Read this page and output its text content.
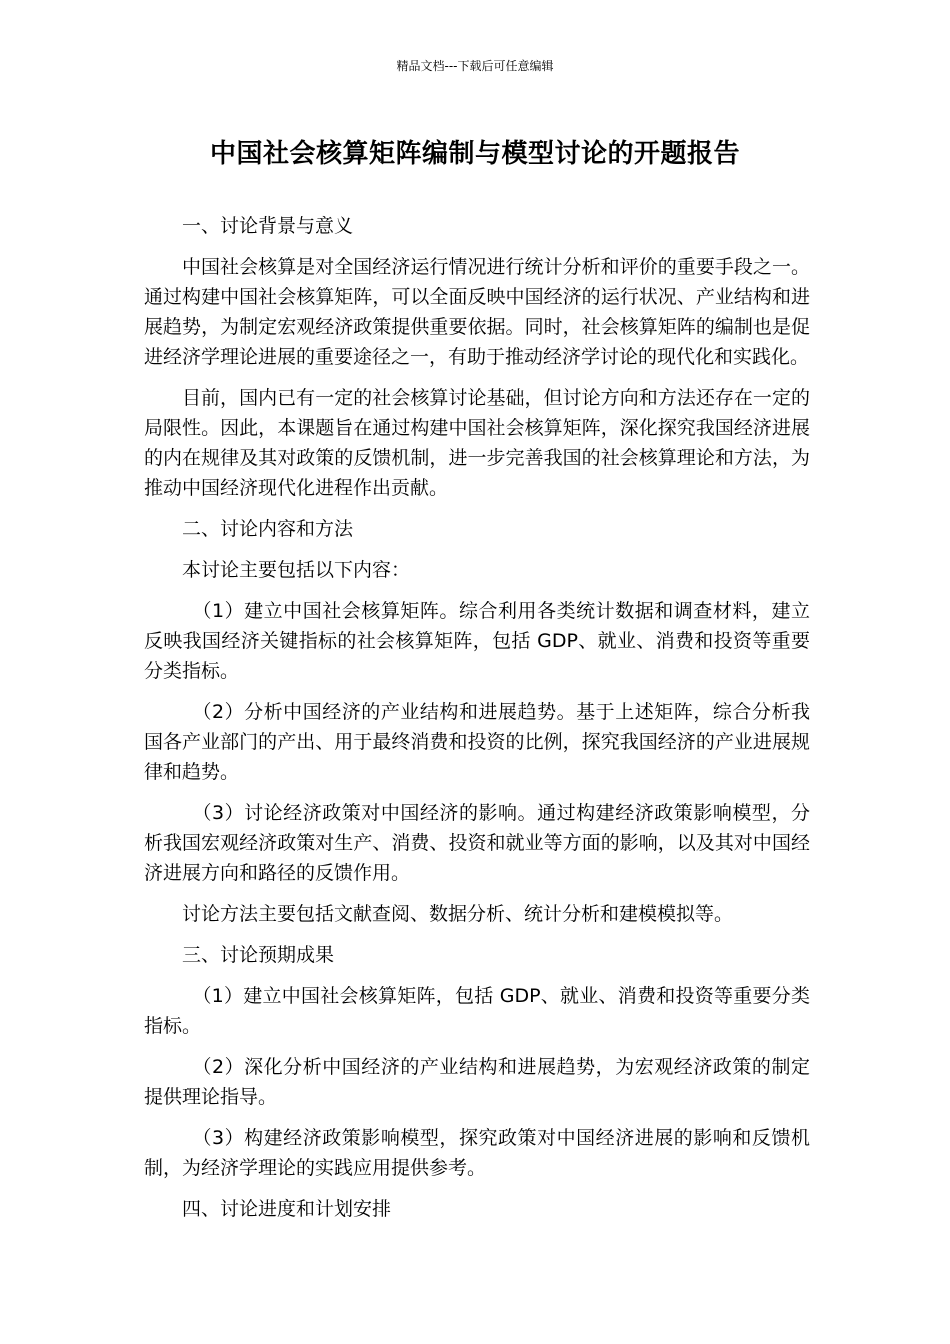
精品文档---下载后可任意编辑
中国社会核算矩阵编制与模型讨论的开题报告
一、讨论背景与意义

中国社会核算是对全国经济运行情况进行统计分析和评价的重要手段之一。通过构建中国社会核算矩阵，可以全面反映中国经济的运行状况、产业结构和进展趋势，为制定宏观经济政策提供重要依据。同时，社会核算矩阵的编制也是促进经济学理论进展的重要途径之一，有助于推动经济学讨论的现代化和实践化。

目前，国内已有一定的社会核算讨论基础，但讨论方向和方法还存在一定的局限性。因此，本课题旨在通过构建中国社会核算矩阵，深化探究我国经济进展的内在规律及其对政策的反馈机制，进一步完善我国的社会核算理论和方法，为推动中国经济现代化进程作出贡献。

二、讨论内容和方法

本讨论主要包括以下内容：

（1）建立中国社会核算矩阵。综合利用各类统计数据和调查材料，建立反映我国经济关键指标的社会核算矩阵，包括 GDP、就业、消费和投资等重要分类指标。

（2）分析中国经济的产业结构和进展趋势。基于上述矩阵，综合分析我国各产业部门的产出、用于最终消费和投资的比例，探究我国经济的产业进展规律和趋势。

（3）讨论经济政策对中国经济的影响。通过构建经济政策影响模型，分析我国宏观经济政策对生产、消费、投资和就业等方面的影响，以及其对中国经济进展方向和路径的反馈作用。

讨论方法主要包括文献查阅、数据分析、统计分析和建模模拟等。

三、讨论预期成果

（1）建立中国社会核算矩阵，包括 GDP、就业、消费和投资等重要分类指标。

（2）深化分析中国经济的产业结构和进展趋势，为宏观经济政策的制定提供理论指导。

（3）构建经济政策影响模型，探究政策对中国经济进展的影响和反馈机制，为经济学理论的实践应用提供参考。

四、讨论进度和计划安排
